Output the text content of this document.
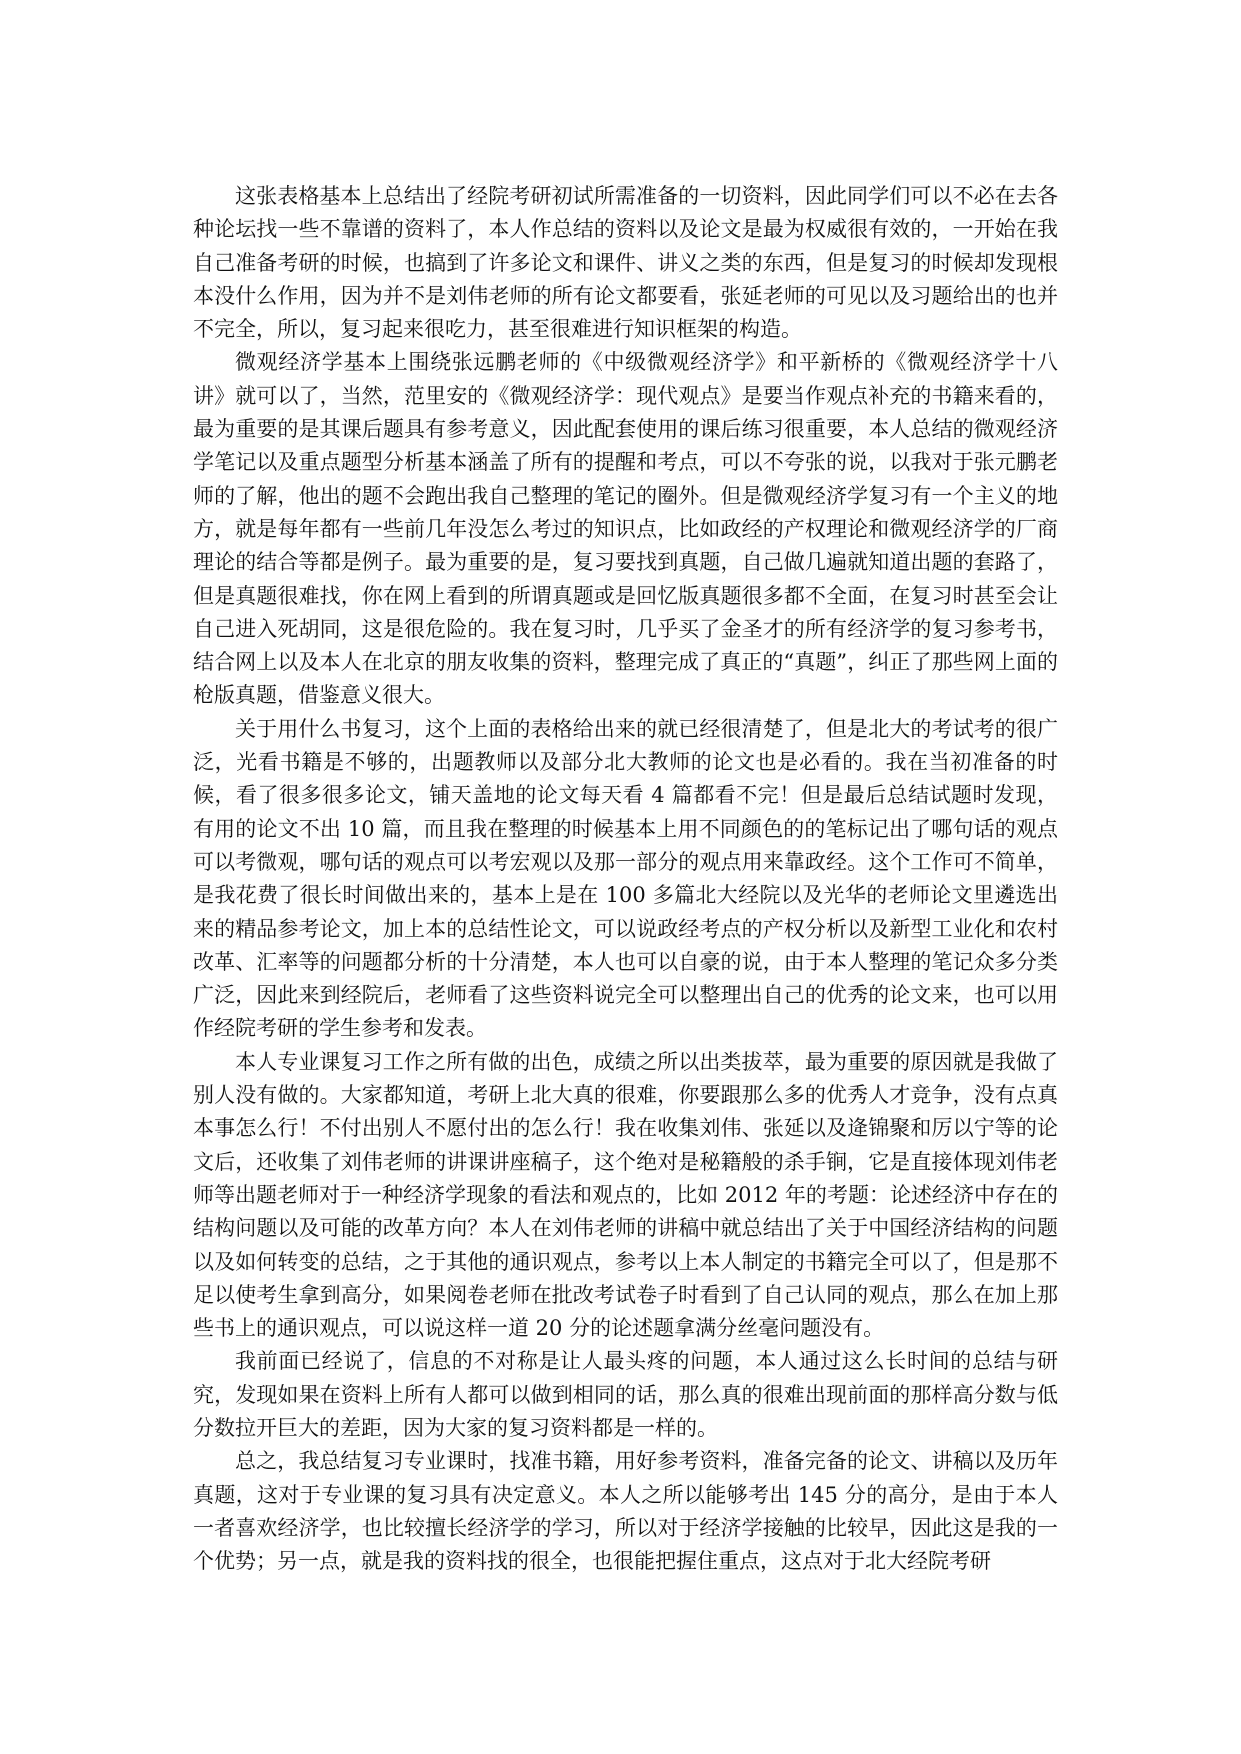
这张表格基本上总结出了经院考研初试所需准备的一切资料，因此同学们可以不必在去各种论坛找一些不靠谱的资料了，本人作总结的资料以及论文是最为权威很有效的，一开始在我自己准备考研的时候，也搞到了许多论文和课件、讲义之类的东西，但是复习的时候却发现根本没什么作用，因为并不是刘伟老师的所有论文都要看，张延老师的可见以及习题给出的也并不完全，所以，复习起来很吃力，甚至很难进行知识框架的构造。

微观经济学基本上围绕张远鹏老师的《中级微观经济学》和平新桥的《微观经济学十八讲》就可以了，当然，范里安的《微观经济学：现代观点》是要当作观点补充的书籍来看的，最为重要的是其课后题具有参考意义，因此配套使用的课后练习很重要，本人总结的微观经济学笔记以及重点题型分析基本涵盖了所有的提醒和考点，可以不夸张的说，以我对于张元鹏老师的了解，他出的题不会跑出我自己整理的笔记的圈外。但是微观经济学复习有一个主义的地方，就是每年都有一些前几年没怎么考过的知识点，比如政经的产权理论和微观经济学的厂商理论的结合等都是例子。最为重要的是，复习要找到真题，自己做几遍就知道出题的套路了，但是真题很难找，你在网上看到的所谓真题或是回忆版真题很多都不全面，在复习时甚至会让自己进入死胡同，这是很危险的。我在复习时，几乎买了金圣才的所有经济学的复习参考书，结合网上以及本人在北京的朋友收集的资料，整理完成了真正的“真题”，纠正了那些网上面的枪版真题，借鉴意义很大。

关于用什么书复习，这个上面的表格给出来的就已经很清楚了，但是北大的考试考的很广泛，光看书籍是不够的，出题教师以及部分北大教师的论文也是必看的。我在当初准备的时候，看了很多很多论文，铺天盖地的论文每天看 4 篇都看不完！但是最后总结试题时发现，有用的论文不出 10 篇，而且我在整理的时候基本上用不同颜色的的笔标记出了哪句话的观点可以考微观，哪句话的观点可以考宏观以及那一部分的观点用来靠政经。这个工作可不简单，是我花费了很长时间做出来的，基本上是在 100 多篇北大经院以及光华的老师论文里遴选出来的精品参考论文，加上本的总结性论文，可以说政经考点的产权分析以及新型工业化和农村改革、汇率等的问题都分析的十分清楚，本人也可以自豪的说，由于本人整理的笔记众多分类广泛，因此来到经院后，老师看了这些资料说完全可以整理出自己的优秀的论文来，也可以用作经院考研的学生参考和发表。

本人专业课复习工作之所有做的出色，成绩之所以出类拔萃，最为重要的原因就是我做了别人没有做的。大家都知道，考研上北大真的很难，你要跟那么多的优秀人才竞争，没有点真本事怎么行！不付出别人不愿付出的怎么行！我在收集刘伟、张延以及逄锦聚和厉以宁等的论文后，还收集了刘伟老师的讲课讲座稿子，这个绝对是秘籍般的杀手锏，它是直接体现刘伟老师等出题老师对于一种经济学现象的看法和观点的，比如 2012 年的考题：论述经济中存在的结构问题以及可能的改革方向？本人在刘伟老师的讲稿中就总结出了关于中国经济结构的问题以及如何转变的总结，之于其他的通识观点，参考以上本人制定的书籍完全可以了，但是那不足以使考生拿到高分，如果阅卷老师在批改考试卷子时看到了自己认同的观点，那么在加上那些书上的通识观点，可以说这样一道 20 分的论述题拿满分丝毫问题没有。

我前面已经说了，信息的不对称是让人最头疼的问题，本人通过这么长时间的总结与研究，发现如果在资料上所有人都可以做到相同的话，那么真的很难出现前面的那样高分数与低分数拉开巨大的差距，因为大家的复习资料都是一样的。

总之，我总结复习专业课时，找准书籍，用好参考资料，准备完备的论文、讲稿以及历年真题，这对于专业课的复习具有决定意义。本人之所以能够考出 145 分的高分，是由于本人一者喜欢经济学，也比较擅长经济学的学习，所以对于经济学接触的比较早，因此这是我的一个优势；另一点，就是我的资料找的很全，也很能把握住重点，这点对于北大经院考研
